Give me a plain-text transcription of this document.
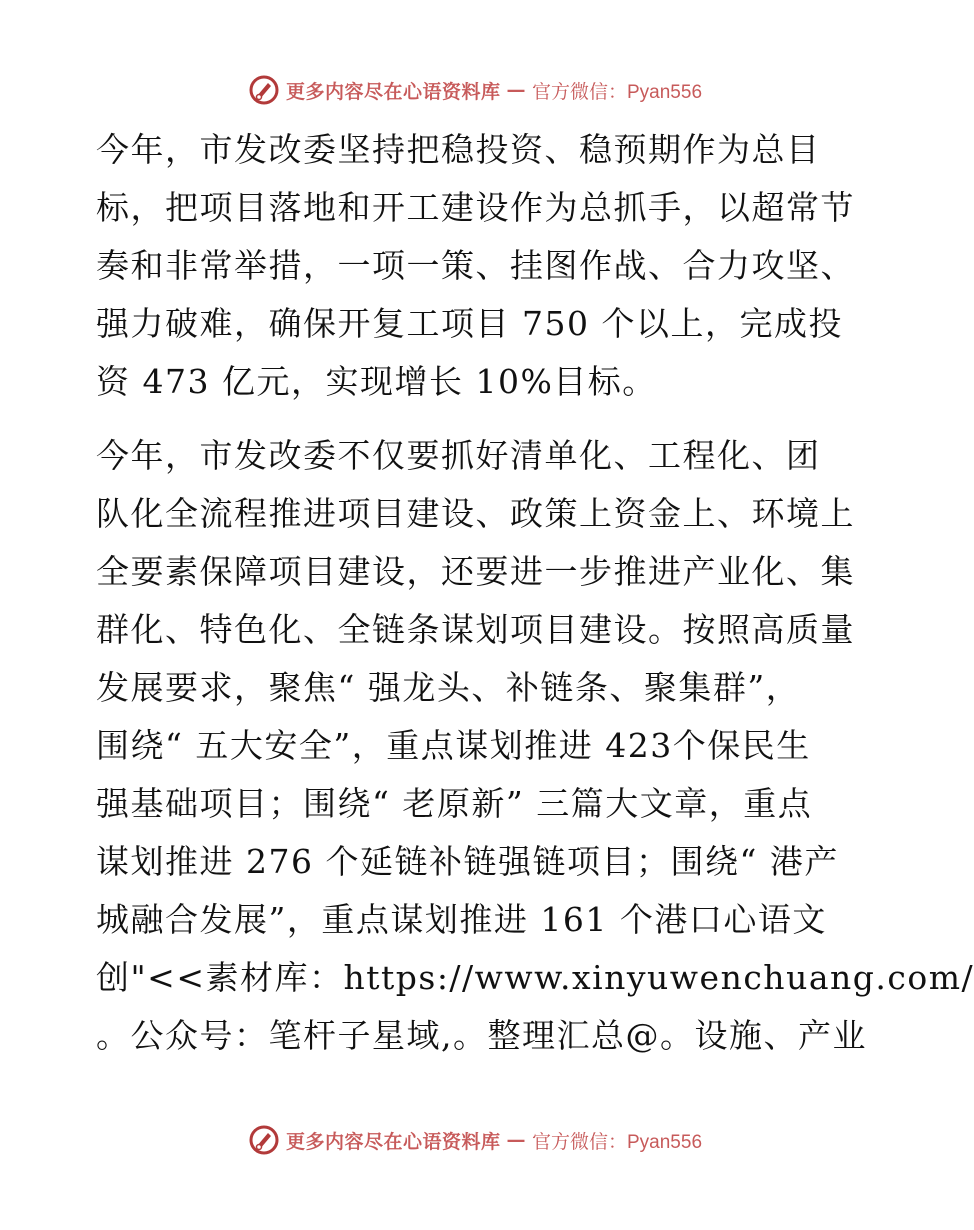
更多内容尽在心语资料库 — 官方微信：Pyan556
今年，市发改委坚持把稳投资、稳预期作为总目
标，把项目落地和开工建设作为总抓手，以超常节
奏和非常举措，一项一策、挂图作战、合力攻坚、
强力破难，确保开复工项目 750 个以上，完成投
资 473 亿元，实现增长 10%目标。
今年，市发改委不仅要抓好清单化、工程化、团
队化全流程推进项目建设、政策上资金上、环境上
全要素保障项目建设，还要进一步推进产业化、集
群化、特色化、全链条谋划项目建设。按照高质量
发展要求，聚焦“ 强龙头、补链条、聚集群”，
围绕“ 五大安全”，重点谋划推进 423个保民生
强基础项目；围绕“ 老原新” 三篇大文章，重点
谋划推进 276 个延链补链强链项目；围绕“ 港产
城融合发展”，重点谋划推进 161 个港口心语文
创"<<素材库：https://www.xinyuwenchuang.com/
。公众号：笔杆子星域,。整理汇总@。设施、产业
更多内容尽在心语资料库 — 官方微信：Pyan556
